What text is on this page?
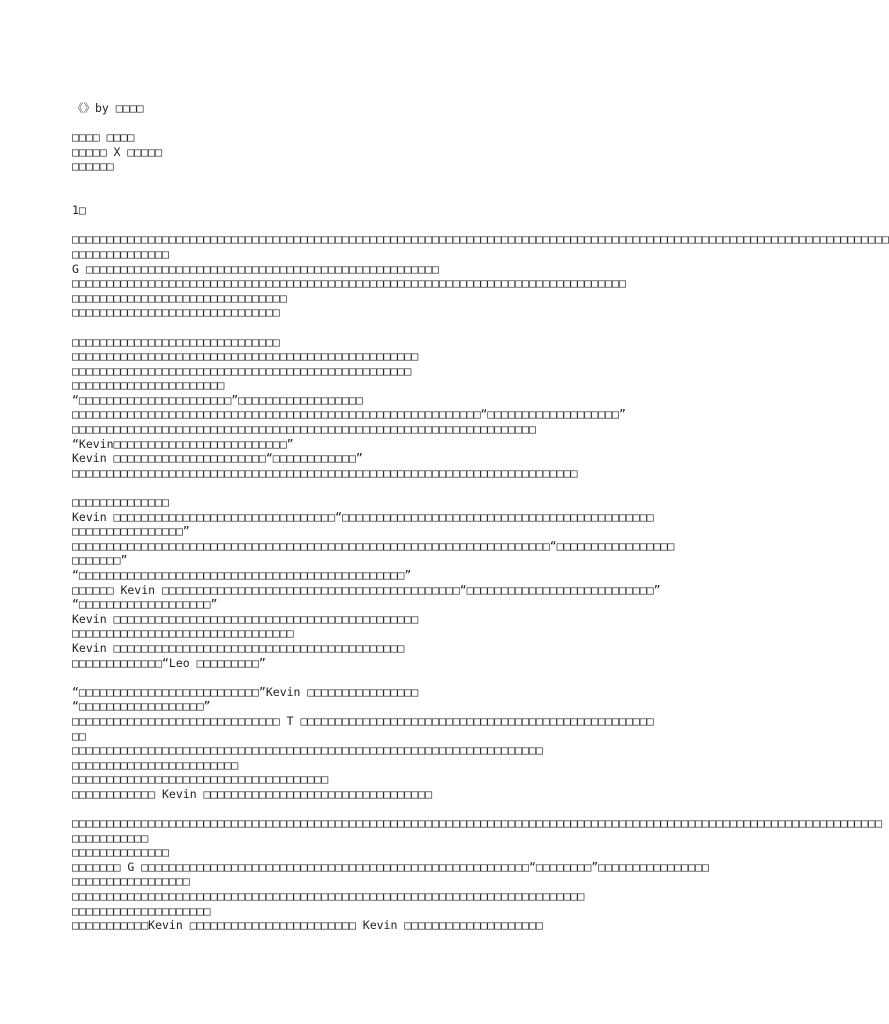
《》by □□□□
□□□□ □□□□
□□□□□ X □□□□□
□□□□□□
1□
□□□□□□□□□□□□□□□□□□□□□□□□□□□□□□□□□□□□□□□□□□□□□□□□□□□□□□□□□□□□□□□□□□□□□□□□□□□□□□□□□□□□□□□□□□□□□□□□□□□□□□□□□□□□□□□□□□□□□□
□□□□□□□□□□□□□□
G □□□□□□□□□□□□□□□□□□□□□□□□□□□□□□□□□□□□□□□□□□□□□□□□□□□
□□□□□□□□□□□□□□□□□□□□□□□□□□□□□□□□□□□□□□□□□□□□□□□□□□□□□□□□□□□□□□□□□□□□□□□□□□□□□□□□
□□□□□□□□□□□□□□□□□□□□□□□□□□□□□□□
□□□□□□□□□□□□□□□□□□□□□□□□□□□□□□
□□□□□□□□□□□□□□□□□□□□□□□□□□□□□□
□□□□□□□□□□□□□□□□□□□□□□□□□□□□□□□□□□□□□□□□□□□□□□□□□□
□□□□□□□□□□□□□□□□□□□□□□□□□□□□□□□□□□□□□□□□□□□□□□□□□
□□□□□□□□□□□□□□□□□□□□□□
“□□□□□□□□□□□□□□□□□□□□□□”□□□□□□□□□□□□□□□□□□
□□□□□□□□□□□□□□□□□□□□□□□□□□□□□□□□□□□□□□□□□□□□□□□□□□□□□□□□□□□“□□□□□□□□□□□□□□□□□□□”
□□□□□□□□□□□□□□□□□□□□□□□□□□□□□□□□□□□□□□□□□□□□□□□□□□□□□□□□□□□□□□□□□□□
“Kevin□□□□□□□□□□□□□□□□□□□□□□□□□”
Kevin □□□□□□□□□□□□□□□□□□□□□□“□□□□□□□□□□□□”
□□□□□□□□□□□□□□□□□□□□□□□□□□□□□□□□□□□□□□□□□□□□□□□□□□□□□□□□□□□□□□□□□□□□□□□□□
□□□□□□□□□□□□□□
Kevin □□□□□□□□□□□□□□□□□□□□□□□□□□□□□□□□“□□□□□□□□□□□□□□□□□□□□□□□□□□□□□□□□□□□□□□□□□□□□□
□□□□□□□□□□□□□□□□”
□□□□□□□□□□□□□□□□□□□□□□□□□□□□□□□□□□□□□□□□□□□□□□□□□□□□□□□□□□□□□□□□□□□□□“□□□□□□□□□□□□□□□□□
□□□□□□□”
“□□□□□□□□□□□□□□□□□□□□□□□□□□□□□□□□□□□□□□□□□□□□□□□”
□□□□□□ Kevin □□□□□□□□□□□□□□□□□□□□□□□□□□□□□□□□□□□□□□□□□□□“□□□□□□□□□□□□□□□□□□□□□□□□□□□”
“□□□□□□□□□□□□□□□□□□□”
Kevin □□□□□□□□□□□□□□□□□□□□□□□□□□□□□□□□□□□□□□□□□□□□
□□□□□□□□□□□□□□□□□□□□□□□□□□□□□□□□
Kevin □□□□□□□□□□□□□□□□□□□□□□□□□□□□□□□□□□□□□□□□□□
□□□□□□□□□□□□□“Leo □□□□□□□□□”
“□□□□□□□□□□□□□□□□□□□□□□□□□□”Kevin □□□□□□□□□□□□□□□□
“□□□□□□□□□□□□□□□□□□”
□□□□□□□□□□□□□□□□□□□□□□□□□□□□□□ T □□□□□□□□□□□□□□□□□□□□□□□□□□□□□□□□□□□□□□□□□□□□□□□□□□□
□□
□□□□□□□□□□□□□□□□□□□□□□□□□□□□□□□□□□□□□□□□□□□□□□□□□□□□□□□□□□□□□□□□□□□□
□□□□□□□□□□□□□□□□□□□□□□□□
□□□□□□□□□□□□□□□□□□□□□□□□□□□□□□□□□□□□□
□□□□□□□□□□□□ Kevin □□□□□□□□□□□□□□□□□□□□□□□□□□□□□□□□□
□□□□□□□□□□□□□□□□□□□□□□□□□□□□□□□□□□□□□□□□□□□□□□□□□□□□□□□□□□□□□□□□□□□□□□□□□□□□□□□□□□□□□□□□□□□□□□□□□□□□□□□□□□□□□□□□□□□□□
□□□□□□□□□□□
□□□□□□□□□□□□□□
□□□□□□□ G □□□□□□□□□□□□□□□□□□□□□□□□□□□□□□□□□□□□□□□□□□□□□□□□□□□□□□□□“□□□□□□□□”□□□□□□□□□□□□□□□□
□□□□□□□□□□□□□□□□□
□□□□□□□□□□□□□□□□□□□□□□□□□□□□□□□□□□□□□□□□□□□□□□□□□□□□□□□□□□□□□□□□□□□□□□□□□□
□□□□□□□□□□□□□□□□□□□□
□□□□□□□□□□□Kevin □□□□□□□□□□□□□□□□□□□□□□□□ Kevin □□□□□□□□□□□□□□□□□□□□
